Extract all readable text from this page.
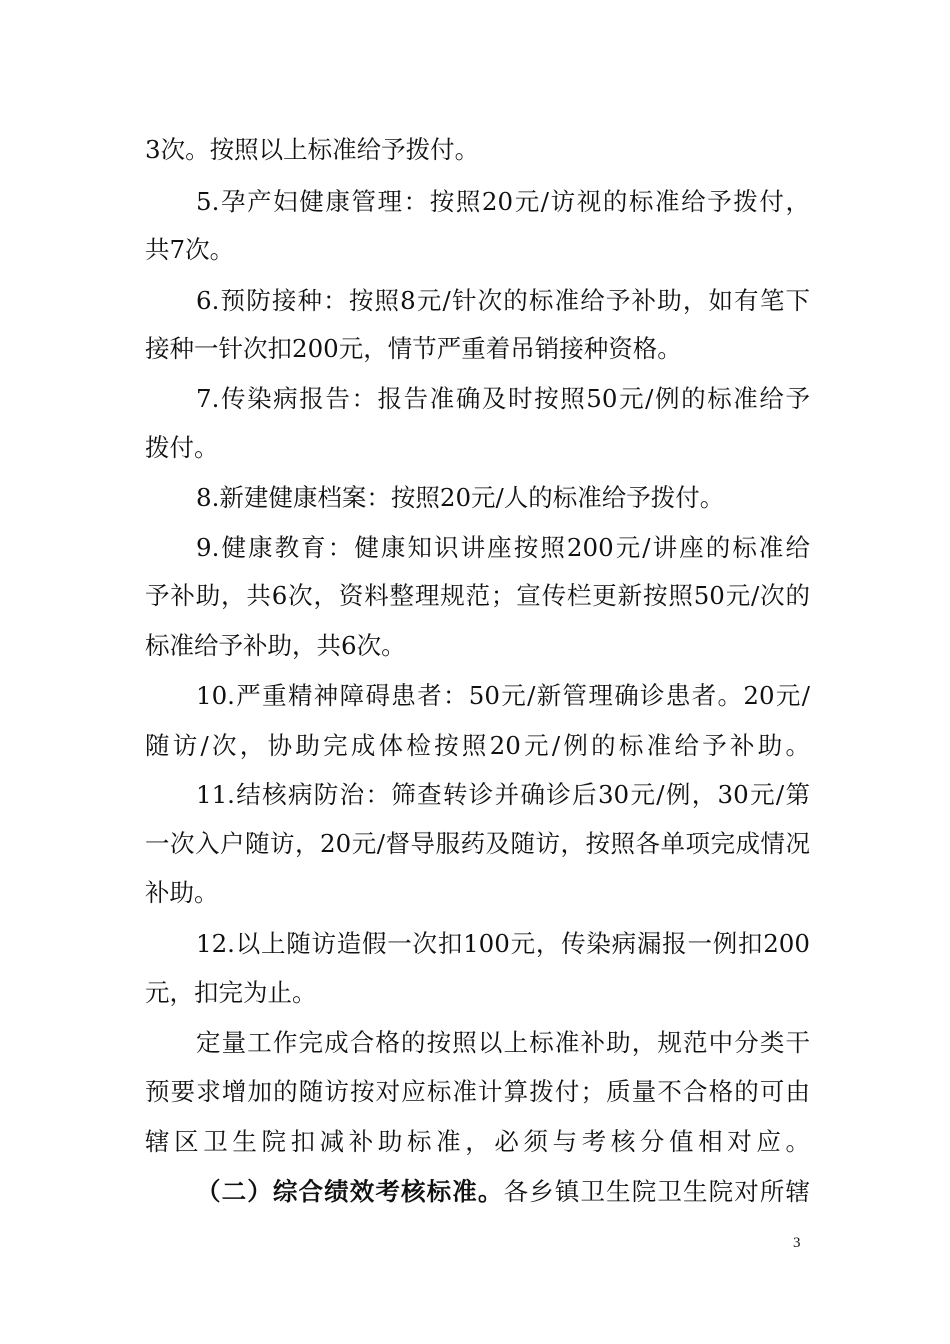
3次。按照以上标准给予拨付。
5.孕产妇健康管理：按照20元/访视的标准给予拨付，
共7次。
6.预防接种：按照8元/针次的标准给予补助，如有笔下
接种一针次扣200元，情节严重着吊销接种资格。
7.传染病报告：报告准确及时按照50元/例的标准给予
拨付。
8.新建健康档案：按照20元/人的标准给予拨付。
9.健康教育：健康知识讲座按照200元/讲座的标准给
予补助，共6次，资料整理规范；宣传栏更新按照50元/次的
标准给予补助，共6次。
10.严重精神障碍患者：50元/新管理确诊患者。20元/
随访/次，协助完成体检按照20元/例的标准给予补助。
11.结核病防治：筛查转诊并确诊后30元/例，30元/第
一次入户随访，20元/督导服药及随访，按照各单项完成情况
补助。
12.以上随访造假一次扣100元，传染病漏报一例扣200
元，扣完为止。
定量工作完成合格的按照以上标准补助，规范中分类干
预要求增加的随访按对应标准计算拨付；质量不合格的可由
辖区卫生院扣减补助标准，必须与考核分值相对应。
（二）综合绩效考核标准。各乡镇卫生院卫生院对所辖
3
